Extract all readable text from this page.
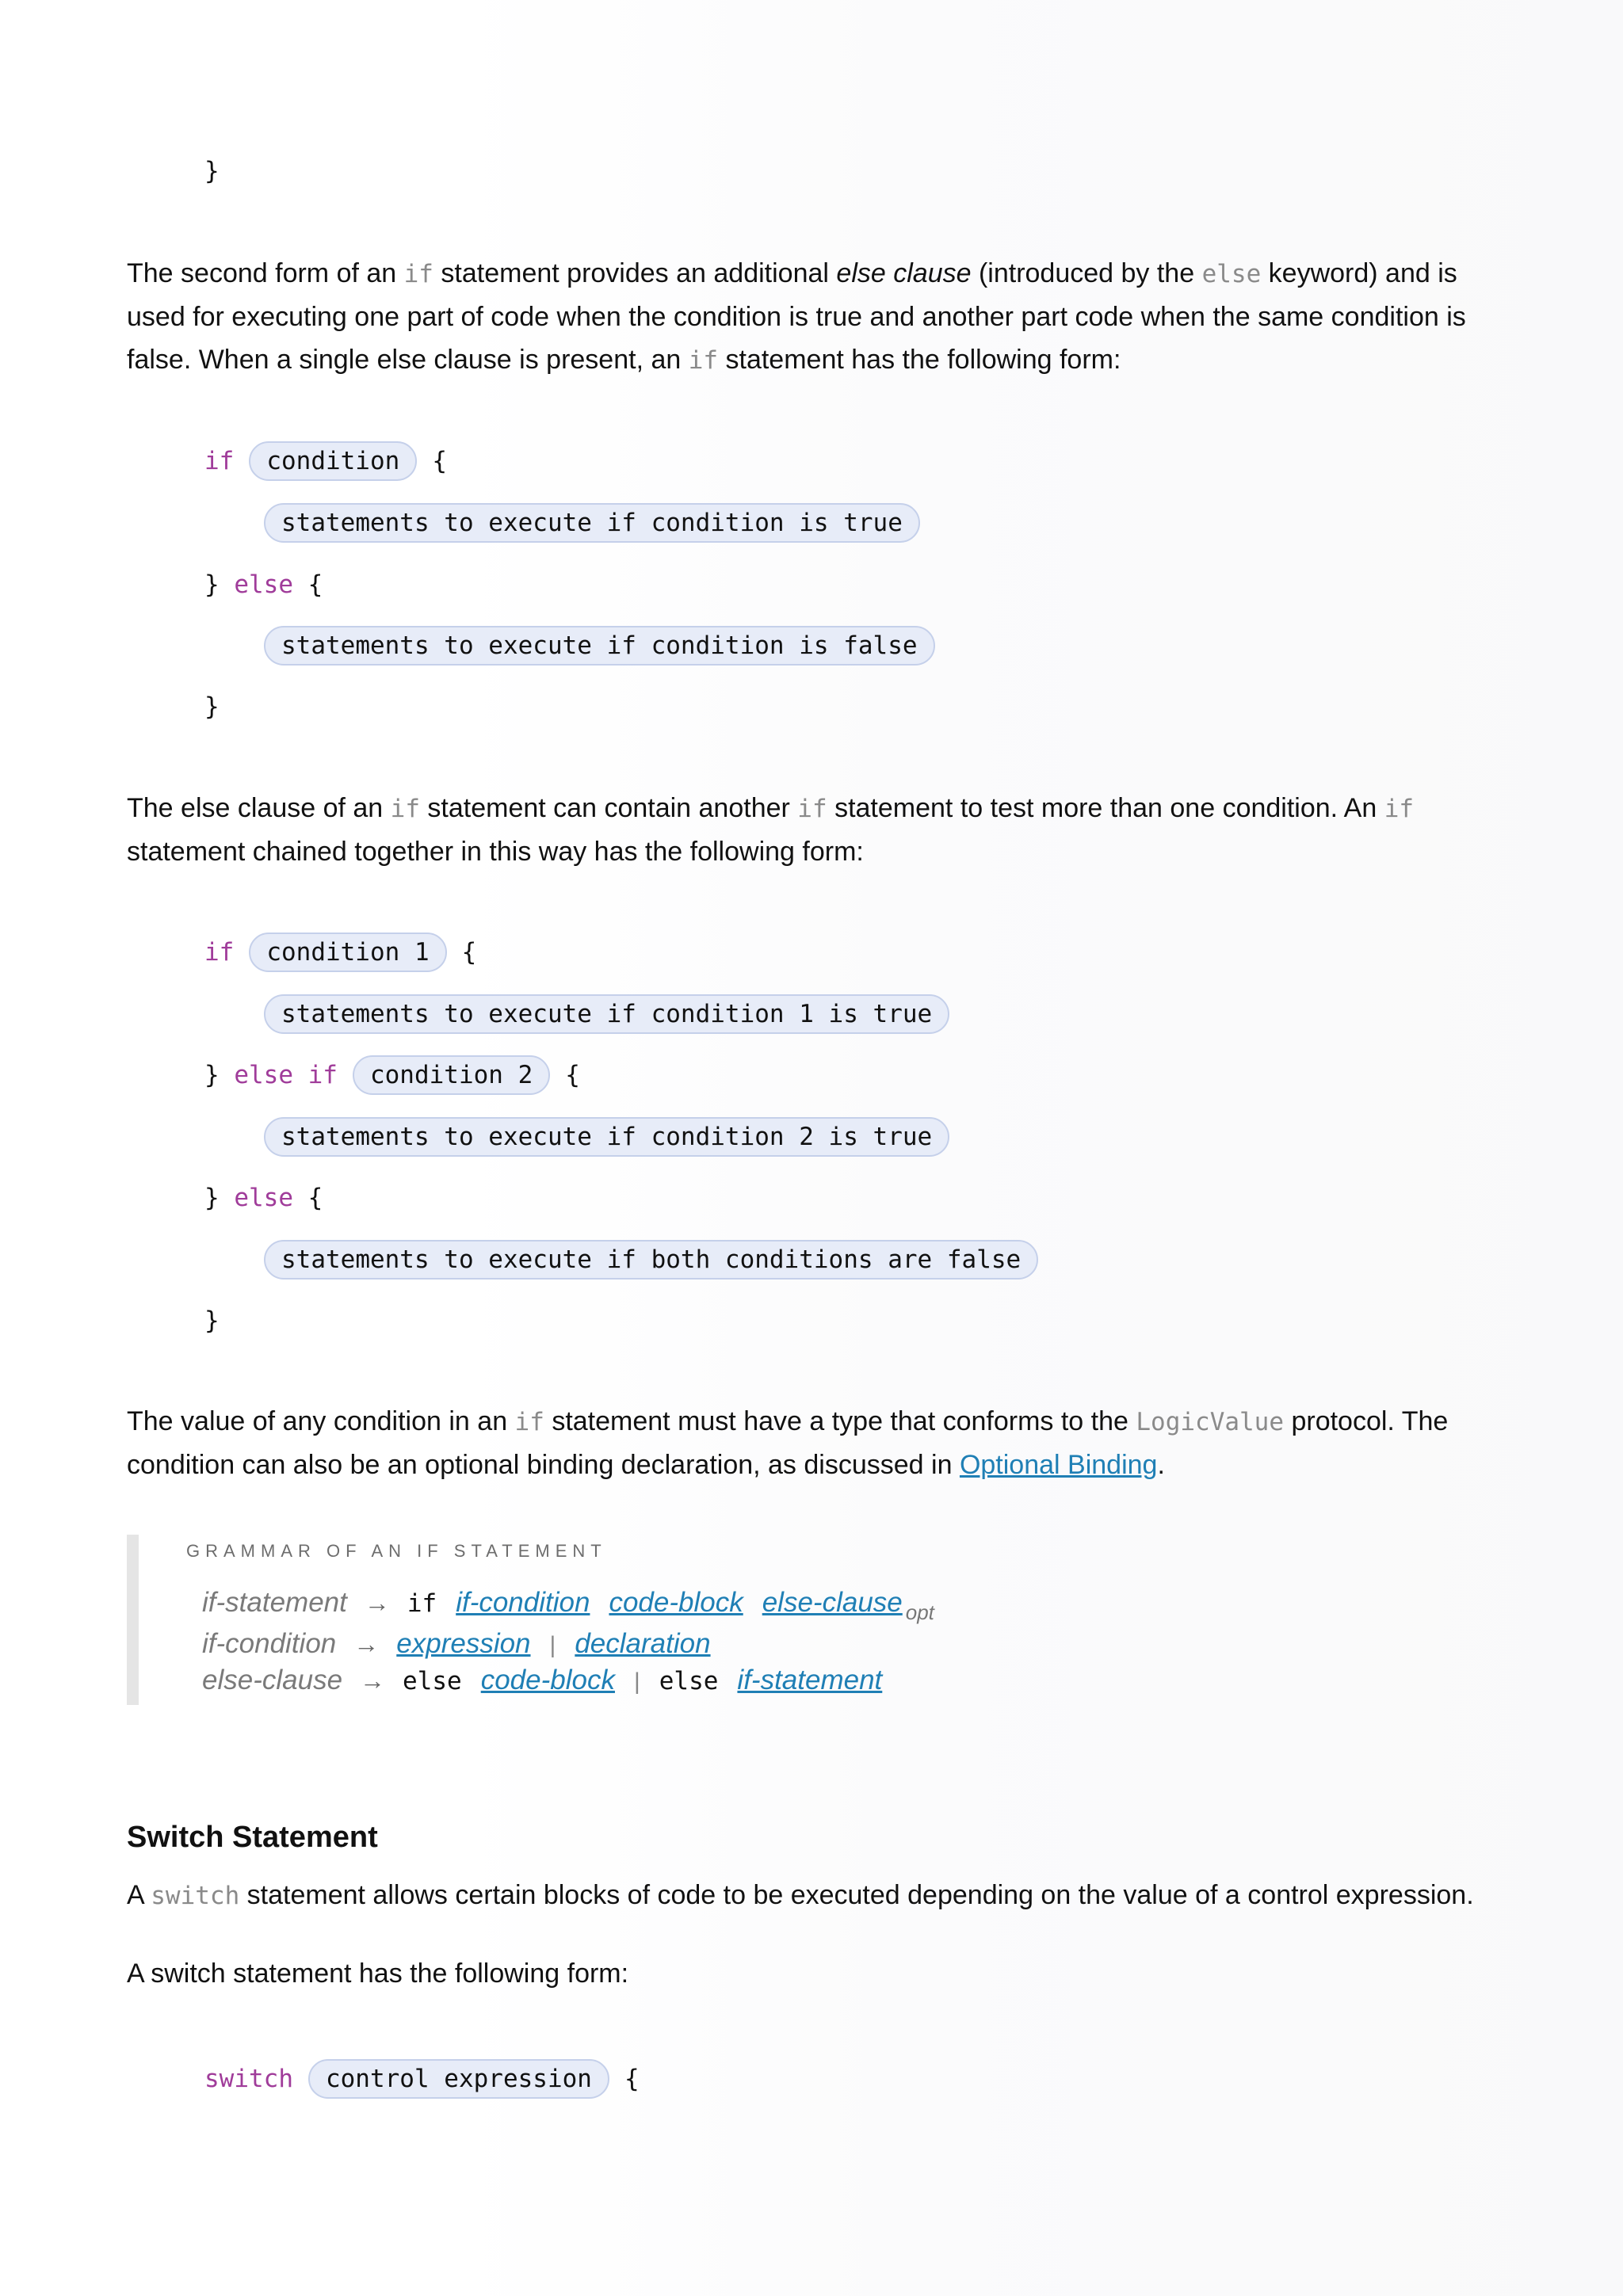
}
The second form of an if statement provides an additional else clause (introduced by the else keyword) and is used for executing one part of code when the condition is true and another part code when the same condition is false. When a single else clause is present, an if statement has the following form:
if	condition	{
statements to execute if condition is true
} else {
statements to execute if condition is false
}
The else clause of an if statement can contain another if statement to test more than one condition. An if statement chained together in this way has the following form:
if	condition 1	{
statements to execute if condition 1 is true
} else if	condition 2	{
statements to execute if condition 2 is true
} else {
statements to execute if both conditions are false
}
The value of any condition in an if statement must have a type that conforms to the LogicValue protocol. The condition can also be an optional binding declaration, as discussed in Optional Binding.
GRAMMAR OF AN IF STATEMENT
if-statement → if if-condition code-block else-clause opt
if-condition → expression | declaration
else-clause → else code-block | else if-statement
Switch Statement
A switch statement allows certain blocks of code to be executed depending on the value of a control expression.
A switch statement has the following form:
switch	control expression	{
